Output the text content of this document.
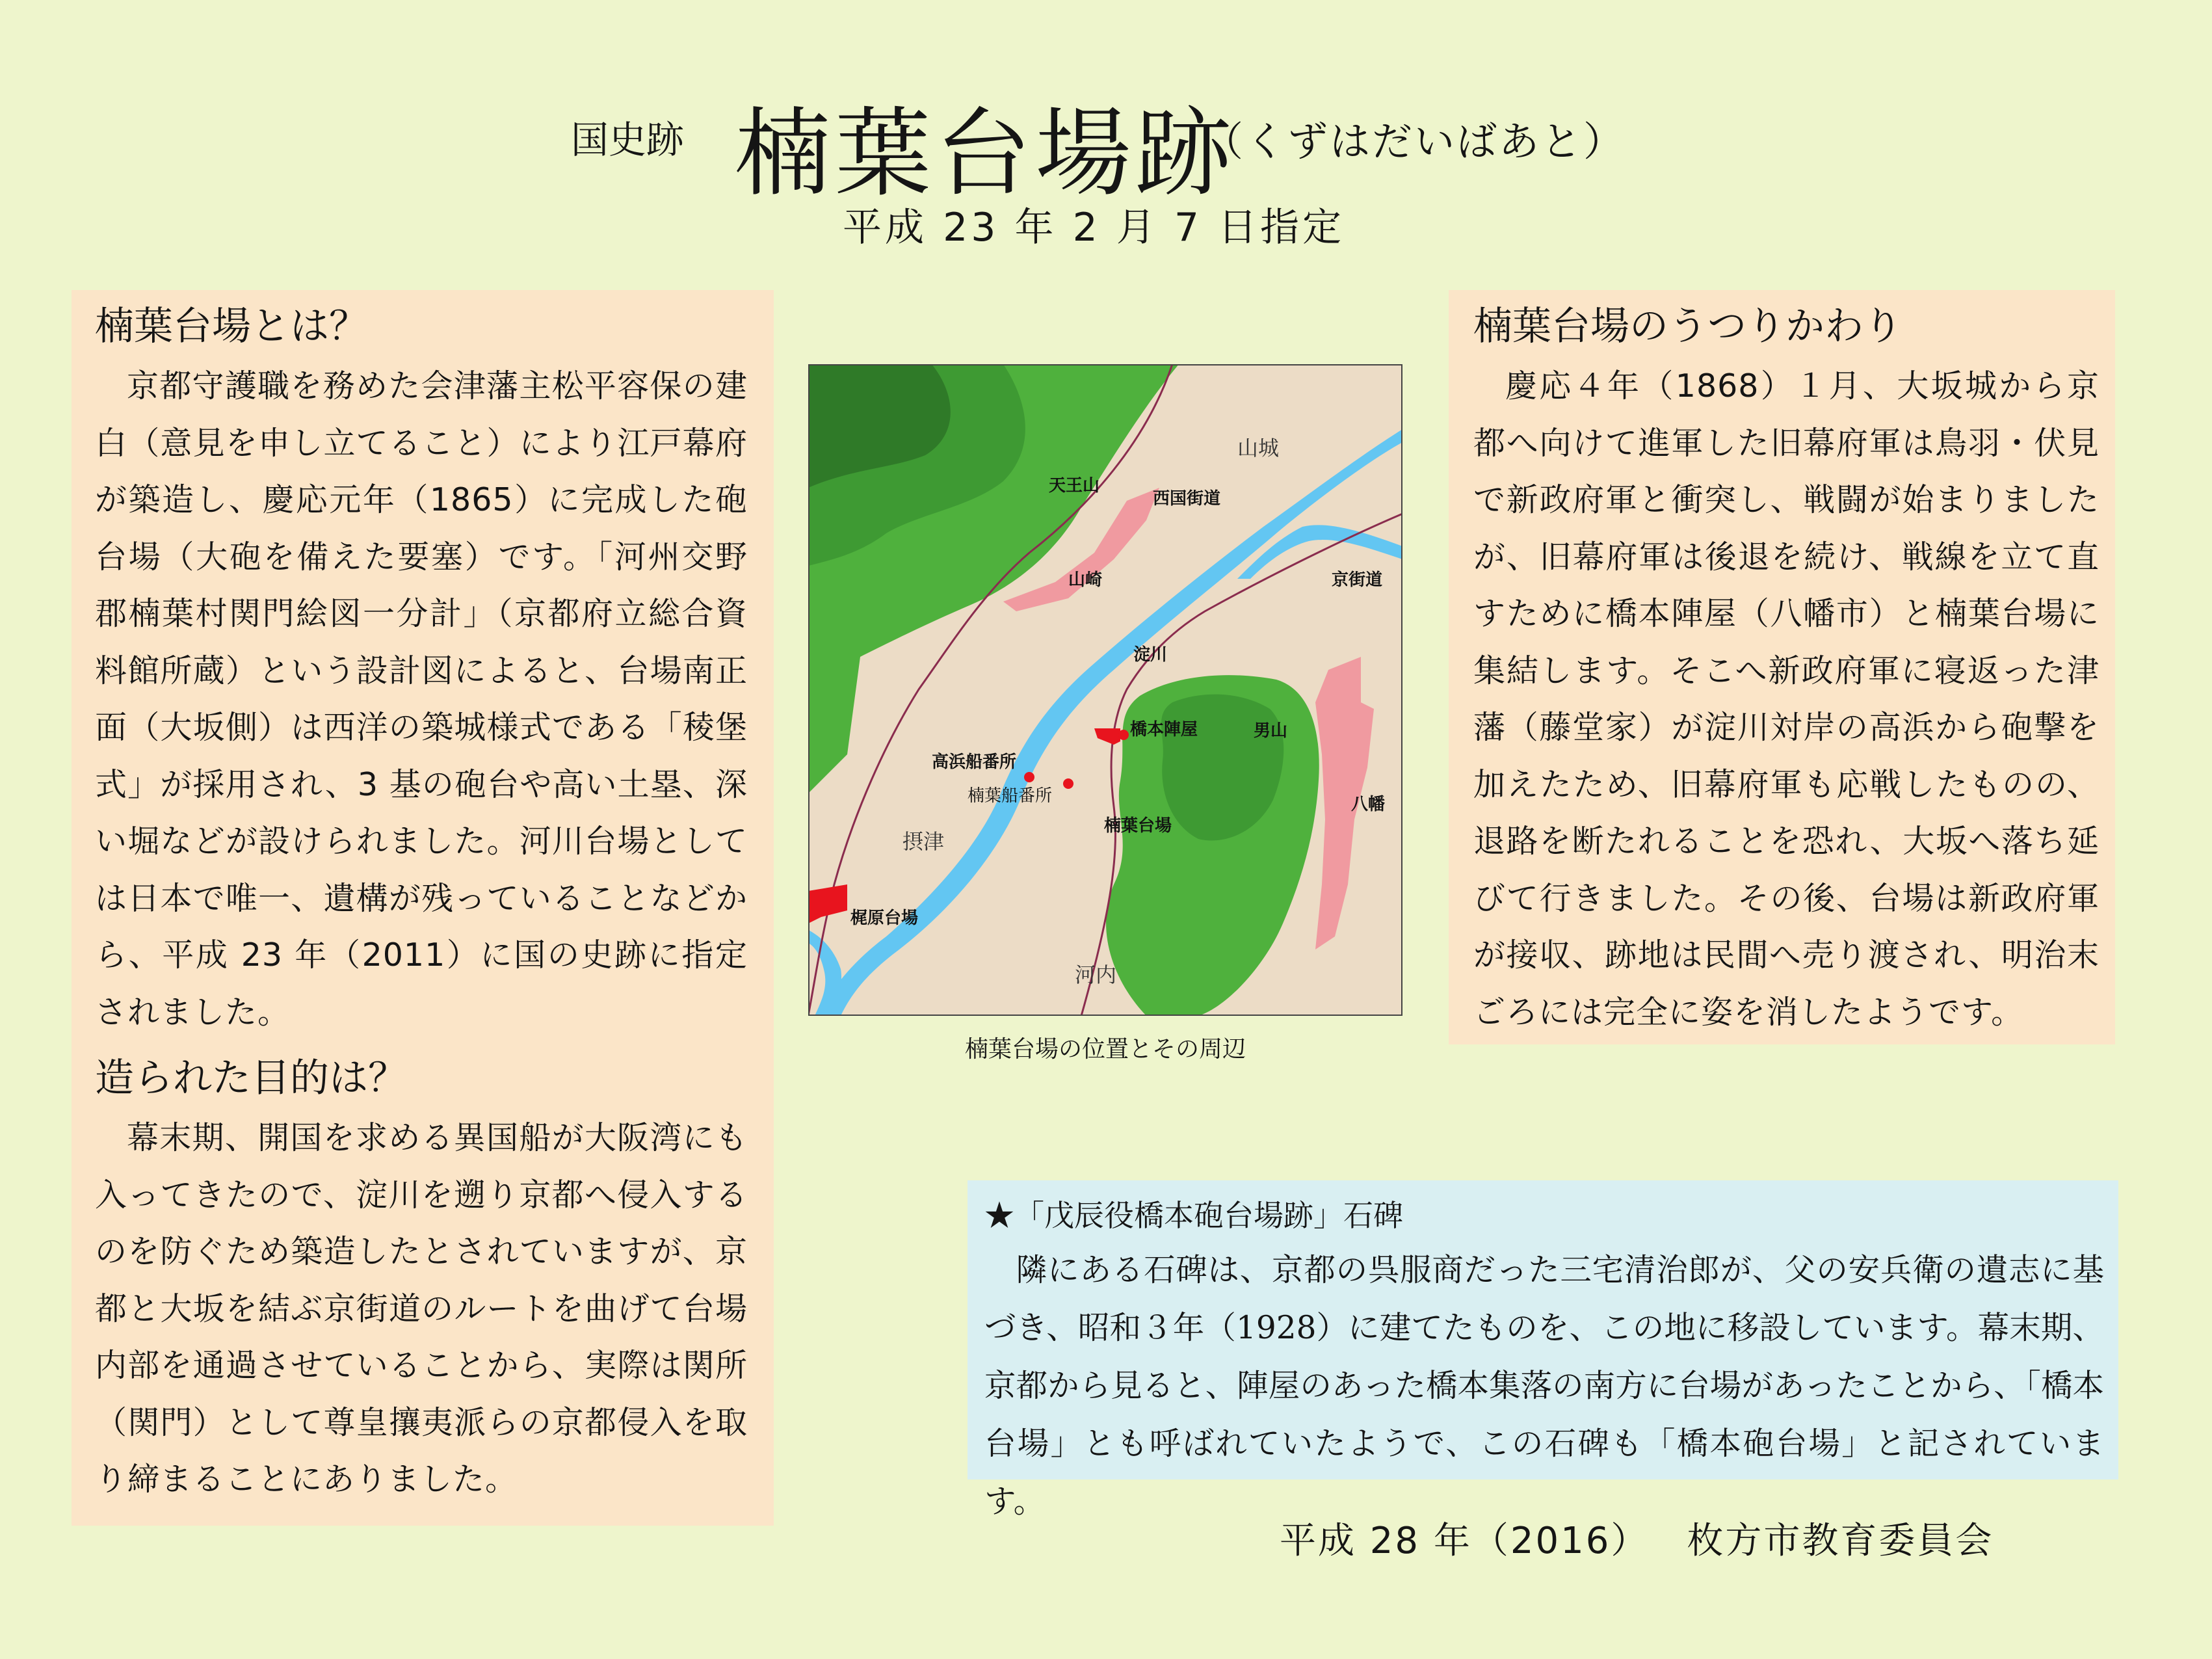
国史跡 楠葉台場跡
（くずはだいばあと）
平成 23 年 2 月 7 日指定
楠葉台場とは？

京都守護職を務めた会津藩主松平容保の建白（意見を申し立てること）により江戸幕府が築造し、慶応元年（1865）に完成した砲台場（大砲を備えた要塞）です。「河州交野郡楠葉村関門絵図一分計」（京都府立総合資料館所蔵）という設計図によると、台場南正面（大坂側）は西洋の築城様式である「稜堡式」が採用され、3 基の砲台や高い土塁、深い堀などが設けられました。河川台場としては日本で唯一、遺構が残っていることなどから、平成 23 年（2011）に国の史跡に指定されました。

造られた目的は？

幕末期、開国を求める異国船が大阪湾にも入ってきたので、淀川を遡り京都へ侵入するのを防ぐため築造したとされていますが、京都と大坂を結ぶ京街道のルートを曲げて台場内部を通過させていることから、実際は関所（関門）として尊皇攘夷派らの京都侵入を取り締まることにありました。

楠葉台場のうつりかわり

慶応４年（1868）１月、大坂城から京都へ向けて進軍した旧幕府軍は鳥羽・伏見で新政府軍と衝突し、戦闘が始まりましたが、旧幕府軍は後退を続け、戦線を立て直すために橋本陣屋（八幡市）と楠葉台場に集結します。そこへ新政府軍に寝返った津藩（藤堂家）が淀川対岸の高浜から砲撃を加えたため、旧幕府軍も応戦したものの、退路を断たれることを恐れ、大坂へ落ち延びて行きました。その後、台場は新政府軍が接収、跡地は民間へ売り渡され、明治末ごろには完全に姿を消したようです。

山城
天王山
西国街道
山崎	京街道
淀川
橋本陣屋	男山
高浜船番所
楠葉船番所
摂津
楠葉台場
八幡
梶原台場
河内
楠葉台場の位置とその周辺
★「戊辰役橋本砲台場跡」石碑

隣にある石碑は、京都の呉服商だった三宅清治郎が、父の安兵衛の遺志に基づき、昭和３年（1928）に建てたものを、この地に移設しています。幕末期、京都から見ると、陣屋のあった橋本集落の南方に台場があったことから、「橋本台場」とも呼ばれていたようで、この石碑も「橋本砲台場」と記されています。

平成 28 年（2016） 枚方市教育委員会
